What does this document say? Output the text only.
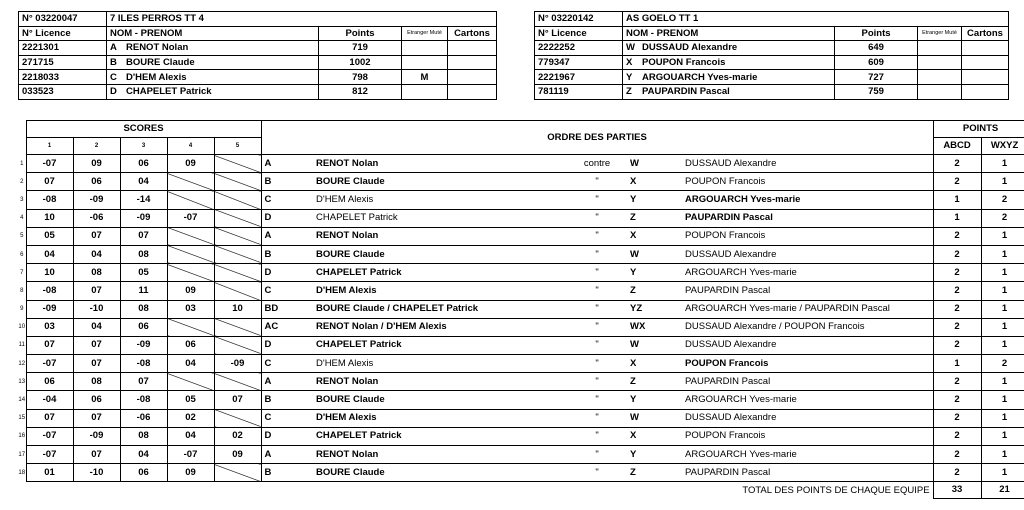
N° 03220047	7 ILES PERROS TT 4			
N° Licence	NOM - PRENOM	Points	Etranger Muté	Cartons
2221301	A RENOT Nolan	719		
271715	B BOURE Claude	1002		
2218033	C D'HEM Alexis	798	M	
033523	D CHAPELET Patrick	812		
N° 03220142	AS GOELO TT 1			
N° Licence	NOM - PRENOM	Points	Etranger Muté	Cartons
2222252	W DUSSAUD Alexandre	649		
779347	X POUPON Francois	609		
2221967	Y ARGOUARCH Yves-marie	727		
781119	Z PAUPARDIN Pascal	759		
	SCORES					ORDRE DES PARTIES					POINTS	
	1	2	3	4	5						ABCD	WXYZ
1	-07	09	06	09		A	RENOT Nolan	contre	W	DUSSAUD Alexandre	2	1
2	07	06	04			B	BOURE Claude	"	X	POUPON Francois	2	1
3	-08	-09	-14			C	D'HEM Alexis	"	Y	ARGOUARCH Yves-marie	1	2
4	10	-06	-09	-07		D	CHAPELET Patrick	"	Z	PAUPARDIN Pascal	1	2
5	05	07	07			A	RENOT Nolan	"	X	POUPON Francois	2	1
6	04	04	08			B	BOURE Claude	"	W	DUSSAUD Alexandre	2	1
7	10	08	05			D	CHAPELET Patrick	"	Y	ARGOUARCH Yves-marie	2	1
8	-08	07	11	09		C	D'HEM Alexis	"	Z	PAUPARDIN Pascal	2	1
9	-09	-10	08	03	10	BD	BOURE Claude / CHAPELET Patrick	"	YZ	ARGOUARCH Yves-marie / PAUPARDIN Pascal	2	1
10	03	04	06			AC	RENOT Nolan / D'HEM Alexis	"	WX	DUSSAUD Alexandre / POUPON Francois	2	1
11	07	07	-09	06		D	CHAPELET Patrick	"	W	DUSSAUD Alexandre	2	1
12	-07	07	-08	04	-09	C	D'HEM Alexis	"	X	POUPON Francois	1	2
13	06	08	07			A	RENOT Nolan	"	Z	PAUPARDIN Pascal	2	1
14	-04	06	-08	05	07	B	BOURE Claude	"	Y	ARGOUARCH Yves-marie	2	1
15	07	07	-06	02		C	D'HEM Alexis	"	W	DUSSAUD Alexandre	2	1
16	-07	-09	08	04	02	D	CHAPELET Patrick	"	X	POUPON Francois	2	1
17	-07	07	04	-07	09	A	RENOT Nolan	"	Y	ARGOUARCH Yves-marie	2	1
18	01	-10	06	09		B	BOURE Claude	"	Z	PAUPARDIN Pascal	2	1
										TOTAL DES POINTS DE CHAQUE EQUIPE	33	21
